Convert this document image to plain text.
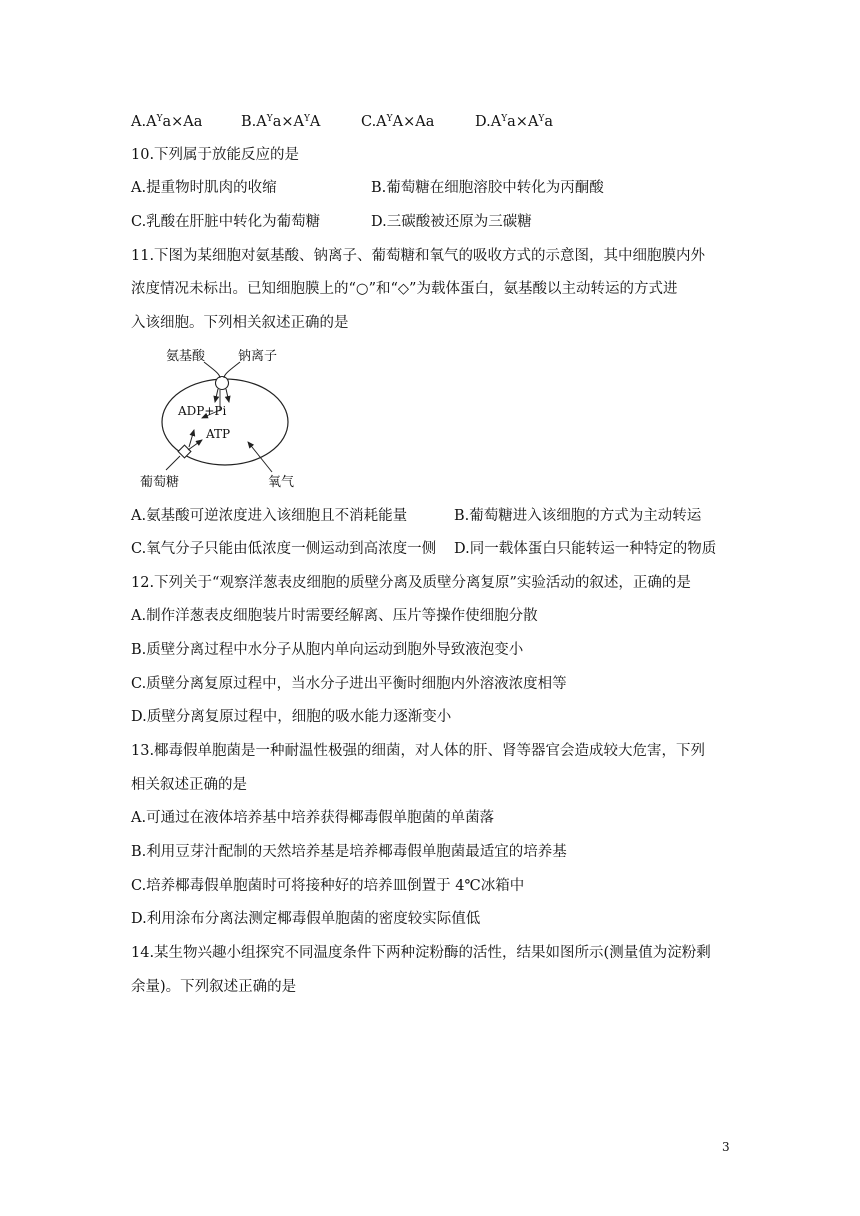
$A.A^Ya\times Aa$	$B.A^Ya\times A^YA$	$C.A^YA\times Aa$	$D.A^Ya\times A^Ya$
10.下列属于放能反应的是
A.提重物时肌肉的收缩	B.葡萄糖在细胞溶胶中转化为丙酮酸
C.乳酸在肝脏中转化为葡萄糖	D.三碳酸被还原为三碳糖
11.下图为某细胞对氨基酸、钠离子、葡萄糖和氧气的吸收方式的示意图，其中细胞膜内外
浓度情况未标出。已知细胞膜上的“○”和“◇”为载体蛋白，氨基酸以主动转运的方式进
入该细胞。下列相关叙述正确的是
氨基酸	钠离子
ADP+Pi
ATP
葡萄糖	氧气
A.氨基酸可逆浓度进入该细胞且不消耗能量	B.葡萄糖进入该细胞的方式为主动转运
C.氧气分子只能由低浓度一侧运动到高浓度一侧 D.同一载体蛋白只能转运一种特定的物质
12.下列关于“观察洋葱表皮细胞的质壁分离及质壁分离复原”实验活动的叙述，正确的是
A.制作洋葱表皮细胞装片时需要经解离、压片等操作使细胞分散
B.质壁分离过程中水分子从胞内单向运动到胞外导致液泡变小
C.质壁分离复原过程中，当水分子进出平衡时细胞内外溶液浓度相等
D.质壁分离复原过程中，细胞的吸水能力逐渐变小
13.椰毒假单胞菌是一种耐温性极强的细菌，对人体的肝、肾等器官会造成较大危害，下列
相关叙述正确的是
A.可通过在液体培养基中培养获得椰毒假单胞菌的单菌落
B.利用豆芽汁配制的天然培养基是培养椰毒假单胞菌最适宜的培养基
C.培养椰毒假单胞菌时可将接种好的培养皿倒置于 4℃冰箱中
D.利用涂布分离法测定椰毒假单胞菌的密度较实际值低
14.某生物兴趣小组探究不同温度条件下两种淀粉酶的活性，结果如图所示(测量值为淀粉剩
余量)。下列叙述正确的是
3
